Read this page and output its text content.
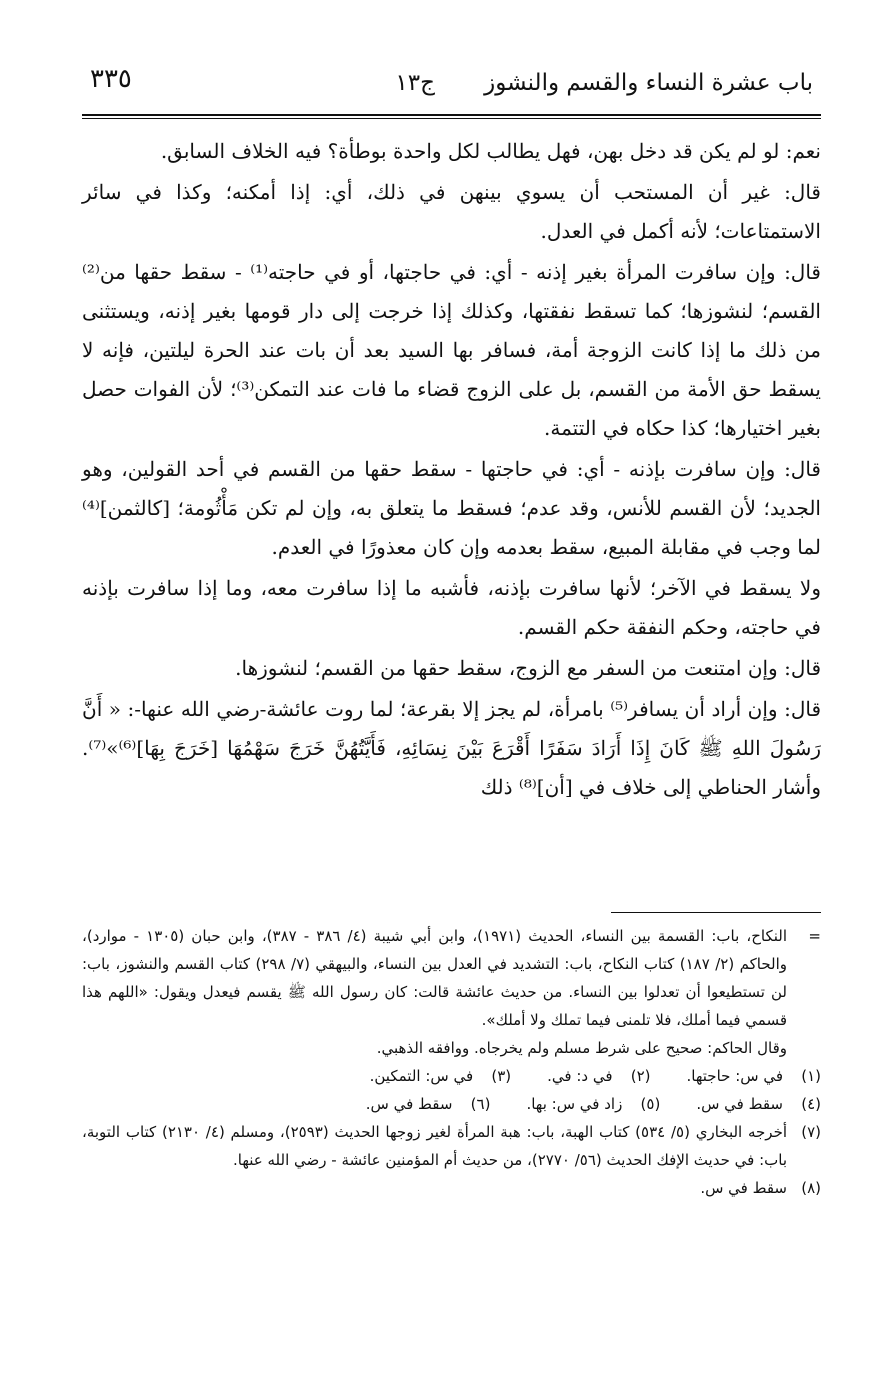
باب عشرة النساء والقسم والنشوز
ج١٣
٣٣٥

نعم: لو لم يكن قد دخل بهن، فهل يطالب لكل واحدة بوطأة؟ فيه الخلاف السابق.

قال: غير أن المستحب أن يسوي بينهن في ذلك، أي: إذا أمكنه؛ وكذا في سائر الاستمتاعات؛ لأنه أكمل في العدل.

قال: وإن سافرت المرأة بغير إذنه - أي: في حاجتها، أو في حاجته⁽¹⁾ - سقط حقها من⁽²⁾ القسم؛ لنشوزها؛ كما تسقط نفقتها، وكذلك إذا خرجت إلى دار قومها بغير إذنه، ويستثنى من ذلك ما إذا كانت الزوجة أمة، فسافر بها السيد بعد أن بات عند الحرة ليلتين، فإنه لا يسقط حق الأمة من القسم، بل على الزوج قضاء ما فات عند التمكن⁽³⁾؛ لأن الفوات حصل بغير اختيارها؛ كذا حكاه في التتمة.

قال: وإن سافرت بإذنه - أي: في حاجتها - سقط حقها من القسم في أحد القولين، وهو الجديد؛ لأن القسم للأنس، وقد عدم؛ فسقط ما يتعلق به، وإن لم تكن مَأْثُومة؛ [كالثمن]⁽⁴⁾ لما وجب في مقابلة المبيع، سقط بعدمه وإن كان معذورًا في العدم.

ولا يسقط في الآخر؛ لأنها سافرت بإذنه، فأشبه ما إذا سافرت معه، وما إذا سافرت بإذنه في حاجته، وحكم النفقة حكم القسم.

قال: وإن امتنعت من السفر مع الزوج، سقط حقها من القسم؛ لنشوزها.

قال: وإن أراد أن يسافر⁽⁵⁾ بامرأة، لم يجز إلا بقرعة؛ لما روت عائشة-رضي الله عنها-: « أَنَّ رَسُولَ اللهِ ﷺ كَانَ إِذَا أَرَادَ سَفَرًا أَقْرَعَ بَيْنَ نِسَائِهِ، فَأَيَّتُهُنَّ خَرَجَ سَهْمُهَا [خَرَجَ بِهَا]⁽⁶⁾»⁽⁷⁾. وأشار الحناطي إلى خلاف في [أن]⁽⁸⁾ ذلك

=
النكاح، باب: القسمة بين النساء، الحديث (١٩٧١)، وابن أبي شيبة (٤/ ٣٨٦ - ٣٨٧)، وابن حبان (١٣٠٥ - موارد)، والحاكم (٢/ ١٨٧) كتاب النكاح، باب: التشديد في العدل بين النساء، والبيهقي (٧/ ٢٩٨) كتاب القسم والنشوز، باب: لن تستطيعوا أن تعدلوا بين النساء. من حديث عائشة قالت: كان رسول الله ﷺ يقسم فيعدل ويقول: «اللهم هذا قسمي فيما أملك، فلا تلمنى فيما تملك ولا أملك».
وقال الحاكم: صحيح على شرط مسلم ولم يخرجاه. ووافقه الذهبي.
(١)
في س: حاجتها.
(٢)
في د: في.
(٣)
في س: التمكين.
(٤)
سقط في س.
(٥)
زاد في س: بها.
(٦)
سقط في س.
(٧)
أخرجه البخاري (٥/ ٥٣٤) كتاب الهبة، باب: هبة المرأة لغير زوجها الحديث (٢٥٩٣)، ومسلم (٤/ ٢١٣٠) كتاب التوبة، باب: في حديث الإفك الحديث (٥٦/ ٢٧٧٠)، من حديث أم المؤمنين عائشة - رضي الله عنها.
(٨)
سقط في س.
